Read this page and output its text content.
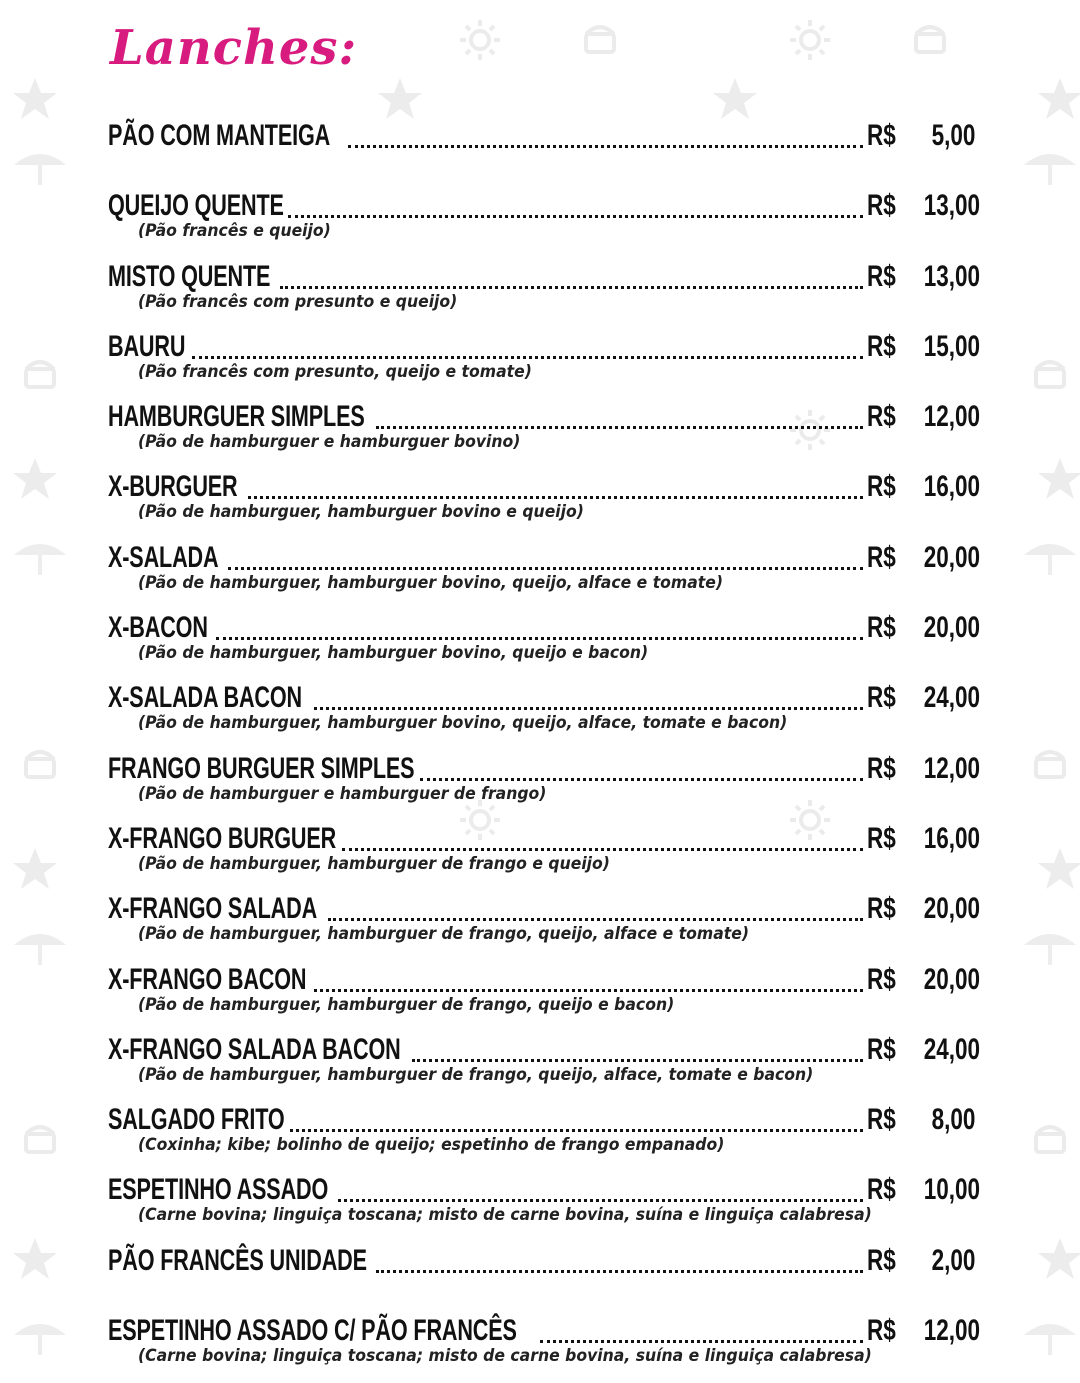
Lanches:
PÃO COM MANTEIGA	R$ 5,00
QUEIJO QUENTE	R$ 13,00
(Pão francês e queijo)
MISTO QUENTE	R$ 13,00
(Pão francês com presunto e queijo)
BAURU	R$ 15,00
(Pão francês com presunto, queijo e tomate)
HAMBURGUER SIMPLES	R$ 12,00
(Pão de hamburguer e hamburguer bovino)
X-BURGUER	R$ 16,00
(Pão de hamburguer, hamburguer bovino e queijo)
X-SALADA	R$ 20,00
(Pão de hamburguer, hamburguer bovino, queijo, alface e tomate)
X-BACON	R$ 20,00
(Pão de hamburguer, hamburguer bovino, queijo e bacon)
X-SALADA BACON	R$ 24,00
(Pão de hamburguer, hamburguer bovino, queijo, alface, tomate e bacon)
FRANGO BURGUER SIMPLES	R$ 12,00
(Pão de hamburguer e hamburguer de frango)
X-FRANGO BURGUER	R$ 16,00
(Pão de hamburguer, hamburguer de frango e queijo)
X-FRANGO SALADA	R$ 20,00
(Pão de hamburguer, hamburguer de frango, queijo, alface e tomate)
X-FRANGO BACON	R$ 20,00
(Pão de hamburguer, hamburguer de frango, queijo e bacon)
X-FRANGO SALADA BACON	R$ 24,00
(Pão de hamburguer, hamburguer de frango, queijo, alface, tomate e bacon)
SALGADO FRITO	R$ 8,00
(Coxinha; kibe; bolinho de queijo; espetinho de frango empanado)
ESPETINHO ASSADO	R$ 10,00
(Carne bovina; linguiça toscana; misto de carne bovina, suína e linguiça calabresa)
PÃO FRANCÊS UNIDADE	R$ 2,00
ESPETINHO ASSADO C/ PÃO FRANCÊS	R$ 12,00
(Carne bovina; linguiça toscana; misto de carne bovina, suína e linguiça calabresa)
